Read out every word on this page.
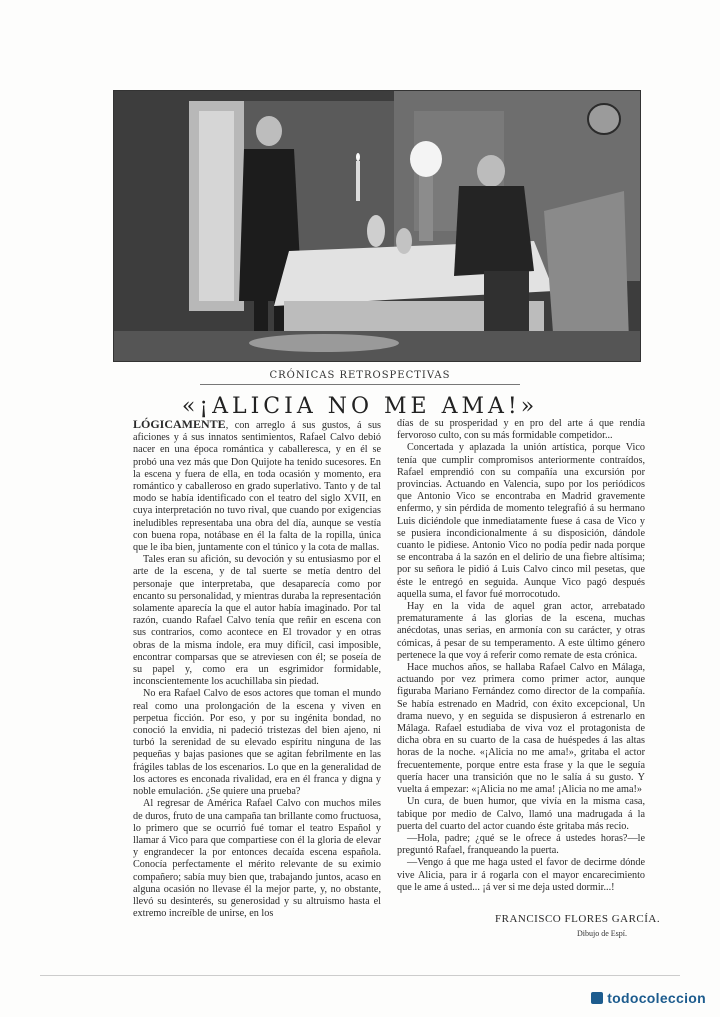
CRÓNICAS RETROSPECTIVAS
«¡ALICIA NO ME AMA!»

LÓGICAMENTE, con arreglo á sus gustos, á sus aficiones y á sus innatos sentimientos, Rafael Calvo debió nacer en una época romántica y caballeresca, y en él se probó una vez más que Don Quijote ha tenido sucesores. En la escena y fuera de ella, en toda ocasión y momento, era romántico y caballeroso en grado superlativo. Tanto y de tal modo se había identificado con el teatro del siglo XVII, en cuya interpretación no tuvo rival, que cuando por exigencias ineludibles representaba una obra del día, aunque se vestía con buena ropa, notábase en él la falta de la ropilla, única que le iba bien, juntamente con el túnico y la cota de mallas.

Tales eran su afición, su devoción y su entusiasmo por el arte de la escena, y de tal suerte se metía dentro del personaje que interpretaba, que desaparecía como por encanto su personalidad, y mientras duraba la representación solamente aparecía la que el autor había imaginado. Por tal razón, cuando Rafael Calvo tenía que reñir en escena con sus contrarios, como acontece en El trovador y en otras obras de la misma índole, era muy difícil, casi imposible, encontrar comparsas que se atreviesen con él; se poseía de su papel y, como era un esgrimidor formidable, inconscientemente los acuchillaba sin piedad.

No era Rafael Calvo de esos actores que toman el mundo real como una prolongación de la escena y viven en perpetua ficción. Por eso, y por su ingénita bondad, no conoció la envidia, ni padeció tristezas del bien ajeno, ni turbó la serenidad de su elevado espíritu ninguna de las pequeñas y bajas pasiones que se agitan febrilmente en las frágiles tablas de los escenarios. Lo que en la generalidad de los actores es enconada rivalidad, era en él franca y digna y noble emulación. ¿Se quiere una prueba?

Al regresar de América Rafael Calvo con muchos miles de duros, fruto de una campaña tan brillante como fructuosa, lo primero que se ocurrió fué tomar el teatro Español y llamar á Vico para que compartiese con él la gloria de elevar y engrandecer la por entonces decaída escena española. Conocía perfectamente el mérito relevante de su eximio compañero; sabía muy bien que, trabajando juntos, acaso en alguna ocasión no llevase él la mejor parte, y, no obstante, llevó su desinterés, su generosidad y su altruismo hasta el extremo increíble de unirse, en los

días de su prosperidad y en pro del arte á que rendía fervoroso culto, con su más formidable competidor...

Concertada y aplazada la unión artística, porque Vico tenía que cumplir compromisos anteriormente contraídos, Rafael emprendió con su compañía una excursión por provincias. Actuando en Valencia, supo por los periódicos que Antonio Vico se encontraba en Madrid gravemente enfermo, y sin pérdida de momento telegrafió á su hermano Luis diciéndole que inmediatamente fuese á casa de Vico y se pusiera incondicionalmente á su disposición, dándole cuanto le pidiese. Antonio Vico no podía pedir nada porque se encontraba á la sazón en el delirio de una fiebre altísima; por su señora le pidió á Luis Calvo cinco mil pesetas, que éste le entregó en seguida. Aunque Vico pagó después aquella suma, el favor fué morrocotudo.

Hay en la vida de aquel gran actor, arrebatado prematuramente á las glorias de la escena, muchas anécdotas, unas serias, en armonía con su carácter, y otras cómicas, á pesar de su temperamento. A este último género pertenece la que voy á referir como remate de esta crónica.

Hace muchos años, se hallaba Rafael Calvo en Málaga, actuando por vez primera como primer actor, aunque figuraba Mariano Fernández como director de la compañía. Se había estrenado en Madrid, con éxito excepcional, Un drama nuevo, y en seguida se dispusieron á estrenarlo en Málaga. Rafael estudiaba de viva voz el protagonista de dicha obra en su cuarto de la casa de huéspedes á las altas horas de la noche. «¡Alicia no me ama!», gritaba el actor frecuentemente, porque entre esta frase y la que le seguía quería hacer una transición que no le salía á su gusto. Y vuelta á empezar: «¡Alicia no me ama! ¡Alicia no me ama!»

Un cura, de buen humor, que vivía en la misma casa, tabique por medio de Calvo, llamó una madrugada á la puerta del cuarto del actor cuando éste gritaba más recio.

—Hola, padre; ¿qué se le ofrece á ustedes horas?—le preguntó Rafael, franqueando la puerta.

—Vengo á que me haga usted el favor de decirme dónde vive Alicia, para ir á rogarla con el mayor encarecimiento que le ame á usted... ¡á ver si me deja usted dormir...!

FRANCISCO FLORES GARCÍA.
Dibujo de Espí.
todocoleccion
